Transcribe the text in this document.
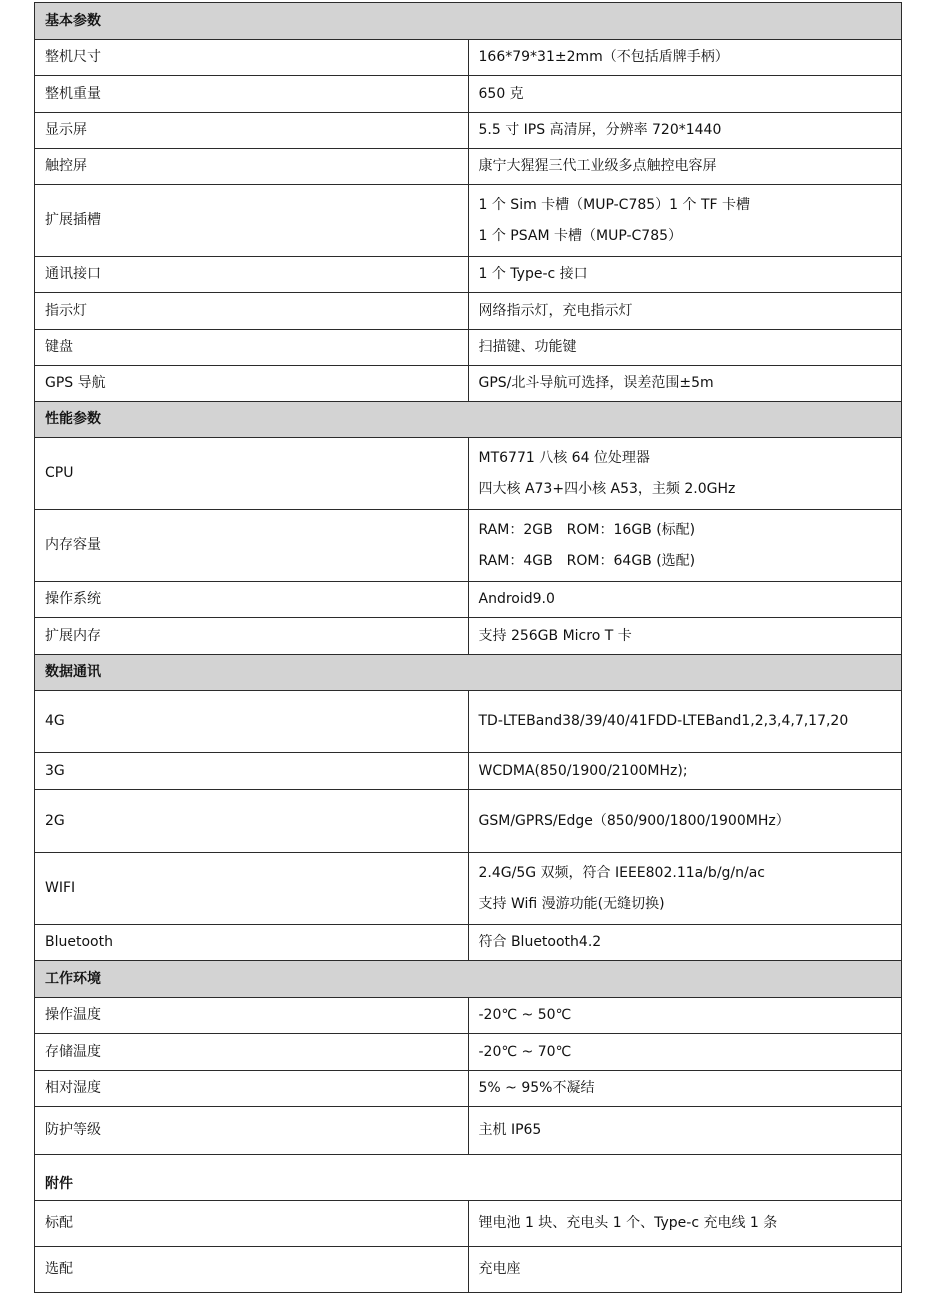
基本参数	
整机尺寸	166*79*31±2mm（不包括盾牌手柄）
整机重量	650 克
显示屏	5.5 寸 IPS 高清屏，分辨率 720*1440
触控屏	康宁大猩猩三代工业级多点触控电容屏
扩展插槽	1 个 Sim 卡槽（MUP-C785）1 个 TF 卡槽
1 个 PSAM 卡槽（MUP-C785）

通讯接口	1 个 Type-c 接口
指示灯	网络指示灯，充电指示灯
键盘	扫描键、功能键
GPS 导航	GPS/北斗导航可选择，误差范围±5m
性能参数	
CPU	MT6771 八核 64 位处理器
四大核 A73+四小核 A53，主频 2.0GHz

内存容量	RAM：2GB　ROM：16GB (标配)
RAM：4GB　ROM：64GB (选配)

操作系统	Android9.0
扩展内存	支持 256GB Micro T 卡
数据通讯	
4G	TD-LTEBand38/39/40/41FDD-LTEBand1,2,3,4,7,17,20
3G	WCDMA(850/1900/2100MHz);
2G	GSM/GPRS/Edge（850/900/1800/1900MHz）
WIFI	2.4G/5G 双频，符合 IEEE802.11a/b/g/n/ac
支持 Wifi 漫游功能(无缝切换)

Bluetooth	符合 Bluetooth4.2
工作环境	
操作温度	-20℃ ~ 50℃
存储温度	-20℃ ~ 70℃
相对湿度	5% ~ 95%不凝结
防护等级	主机 IP65
附件	
标配	锂电池 1 块、充电头 1 个、Type-c 充电线 1 条
选配	充电座
